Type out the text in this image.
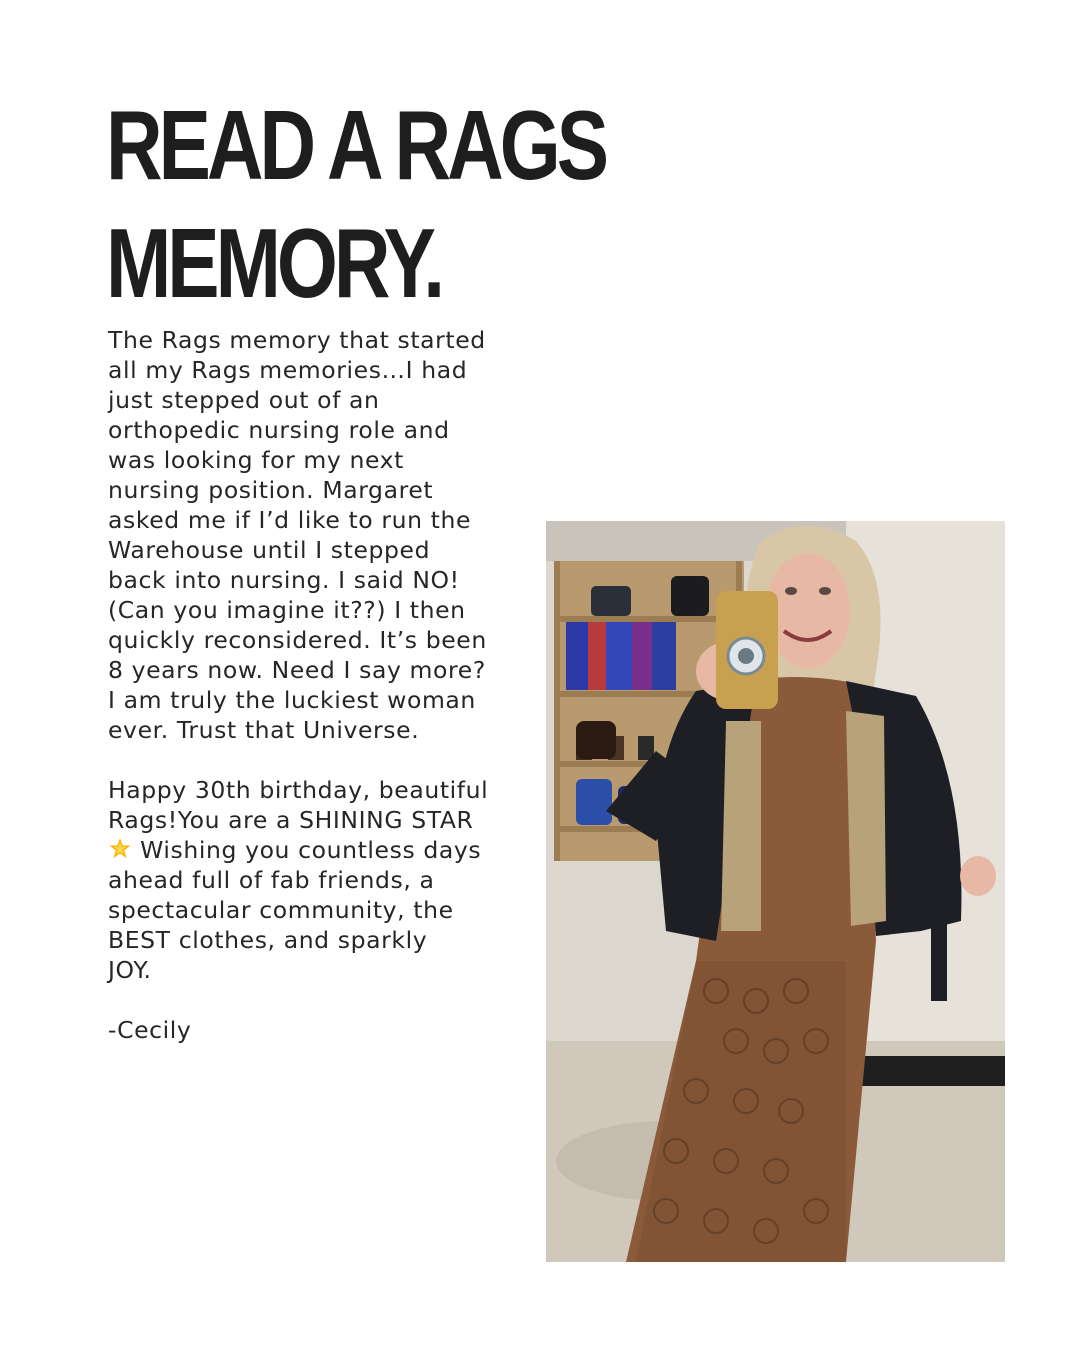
READ A RAGS
MEMORY.

The Rags memory that started
all my Rags memories…I had
just stepped out of an
orthopedic nursing role and
was looking for my next
nursing position. Margaret
asked me if I’d like to run the
Warehouse until I stepped
back into nursing. I said NO!
(Can you imagine it??) I then
quickly reconsidered. It’s been
8 years now. Need I say more?
I am truly the luckiest woman
ever. Trust that Universe.

Happy 30th birthday, beautiful
Rags!You are a SHINING STAR
Wishing you countless days
ahead full of fab friends, a
spectacular community, the
BEST clothes, and sparkly
JOY.

-Cecily
